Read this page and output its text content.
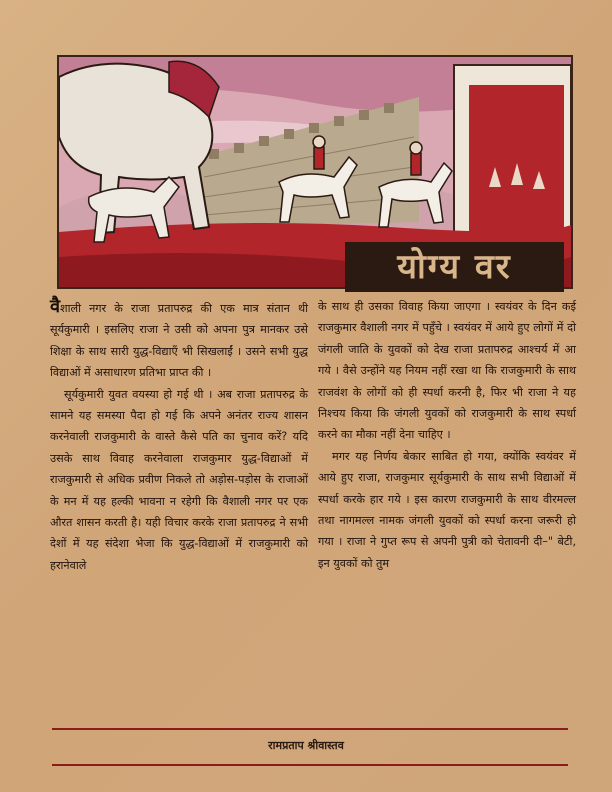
योग्य वर

वैशाली नगर के राजा प्रतापरुद्र की एक मात्र संतान थी सूर्यकुमारी । इसलिए राजा ने उसी को अपना पुत्र मानकर उसे शिक्षा के साथ सारी युद्ध-विद्याएँ भी सिखलाईं । उसने सभी युद्ध विद्याओं में असाधारण प्रतिभा प्राप्त की ।

सूर्यकुमारी युवत वयस्या हो गई थी । अब राजा प्रतापरुद्र के सामने यह समस्या पैदा हो गई कि अपने अनंतर राज्य शासन करनेवाली राजकुमारी के वास्ते कैसे पति का चुनाव करें? यदि उसके साथ विवाह करनेवाला राजकुमार युद्ध-विद्याओं में राजकुमारी से अधिक प्रवीण निकले तो अड़ोस-पड़ोस के राजाओं के मन में यह हल्की भावना न रहेगी कि वैशाली नगर पर एक औरत शासन करती है। यही विचार करके राजा प्रतापरुद्र ने सभी देशों में यह संदेशा भेजा कि युद्ध-विद्याओं में राजकुमारी को हरानेवाले

के साथ ही उसका विवाह किया जाएगा । स्वयंवर के दिन कई राजकुमार वैशाली नगर में पहुँचे । स्वयंवर में आये हुए लोगों में दो जंगली जाति के युवकों को देख राजा प्रतापरुद्र आश्चर्य में आ गये । वैसे उन्होंने यह नियम नहीं रखा था कि राजकुमारी के साथ राजवंश के लोगों को ही स्पर्धा करनी है, फिर भी राजा ने यह निश्चय किया कि जंगली युवकों को राजकुमारी के साथ स्पर्धा करने का मौका नहीं देना चाहिए ।

मगर यह निर्णय बेकार साबित हो गया, क्योंकि स्वयंवर में आये हुए राजा, राजकुमार सूर्यकुमारी के साथ सभी विद्याओं में स्पर्धा करके हार गये । इस कारण राजकुमारी के साथ वीरमल्ल तथा नागमल्ल नामक जंगली युवकों को स्पर्धा करना जरूरी हो गया । राजा ने गुप्त रूप से अपनी पुत्री को चेतावनी दी–" बेटी, इन युवकों को तुम

रामप्रताप श्रीवास्तव
